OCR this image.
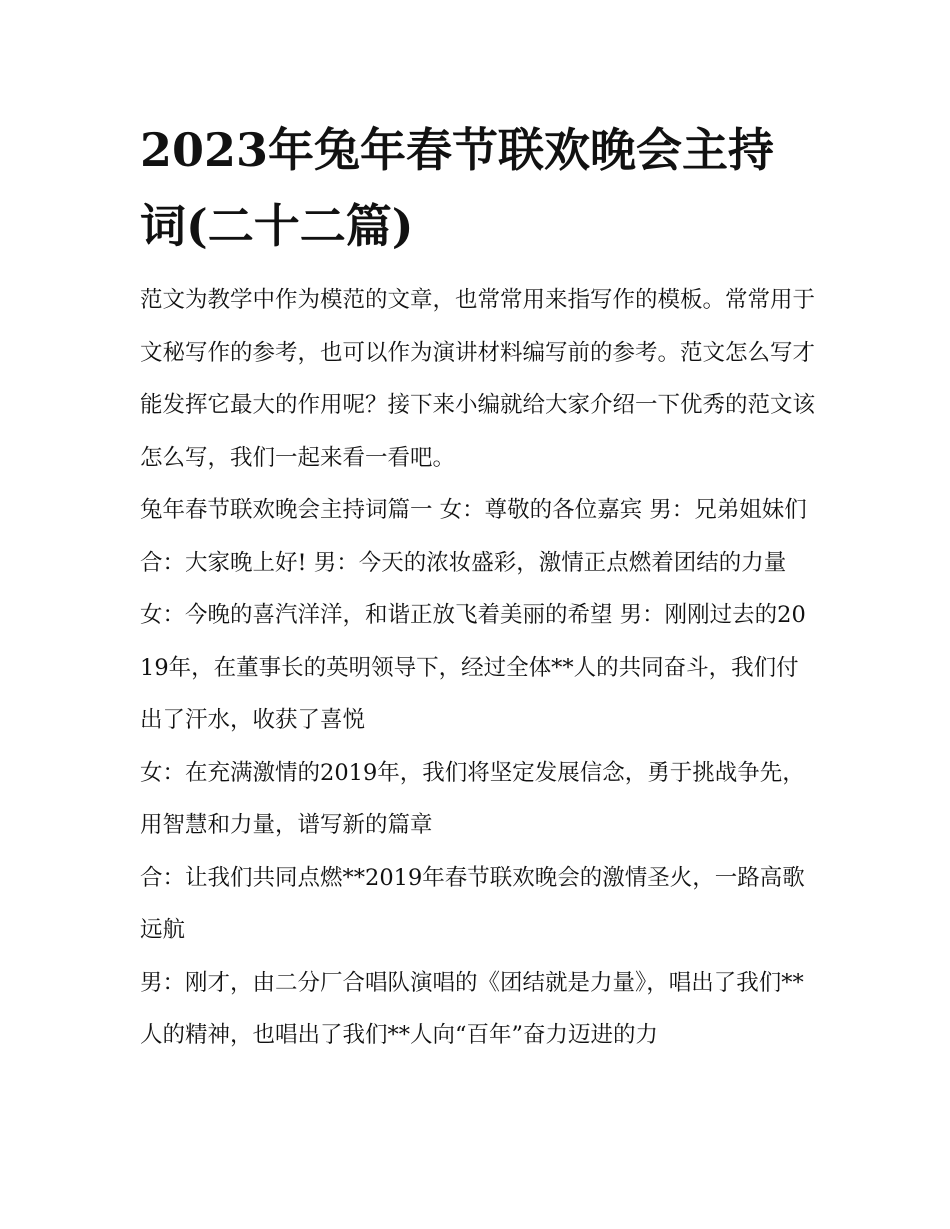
2023年兔年春节联欢晚会主持词(二十二篇)

范文为教学中作为模范的文章，也常常用来指写作的模板。常常用于文秘写作的参考，也可以作为演讲材料编写前的参考。范文怎么写才能发挥它最大的作用呢？接下来小编就给大家介绍一下优秀的范文该怎么写，我们一起来看一看吧。

兔年春节联欢晚会主持词篇一 女：尊敬的各位嘉宾 男：兄弟姐妹们 合：大家晚上好! 男：今天的浓妆盛彩，激情正点燃着团结的力量

女：今晚的喜汽洋洋，和谐正放飞着美丽的希望 男：刚刚过去的2019年，在董事长的英明领导下，经过全体**人的共同奋斗，我们付出了汗水，收获了喜悦

女：在充满激情的2019年，我们将坚定发展信念，勇于挑战争先，用智慧和力量，谱写新的篇章

合：让我们共同点燃**2019年春节联欢晚会的激情圣火，一路高歌远航

男：刚才，由二分厂合唱队演唱的《团结就是力量》，唱出了我们**人的精神，也唱出了我们**人向“百年”奋力迈进的力
